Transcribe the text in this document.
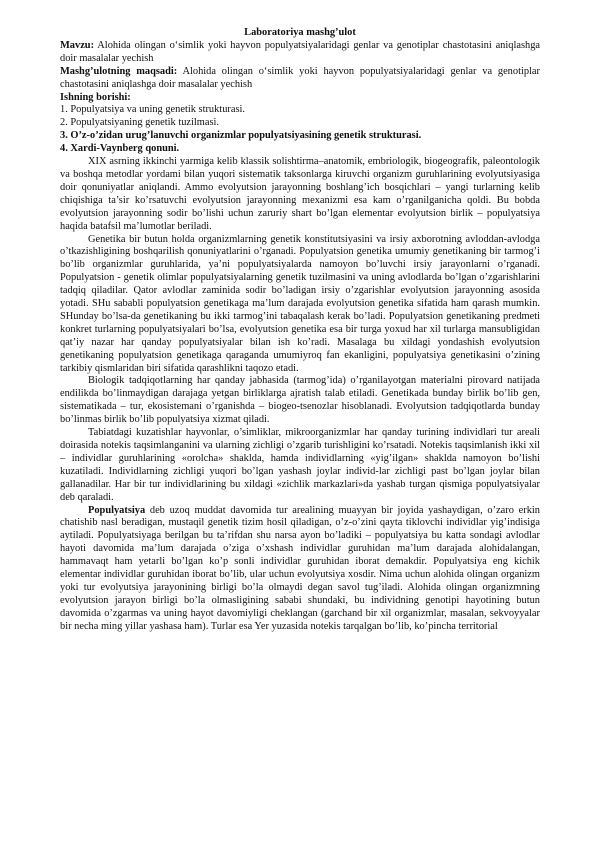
Laboratoriya mashg’ulot

Mavzu: Alohida olingan o‘simlik yoki hayvon populyatsiyalaridagi genlar va genotiplar chastotasini aniqlashga doir masalalar yechish

Mashg’ulotning maqsadi: Alohida olingan o‘simlik yoki hayvon populyatsiyalaridagi genlar va genotiplar chastotasini aniqlashga doir masalalar yechish

Ishning borishi:

1. Populyatsiya va uning genetik strukturasi.
2. Populyatsiyaning genetik tuzilmasi.
3. O’z-o’zidan urug’lanuvchi organizmlar populyatsiyasining genetik strukturasi.
4. Xardi-Vaynberg qonuni.

XIX asrning ikkinchi yarmiga kelib klassik solishtirma–anatomik, embriologik, biogeografik, paleontologik va boshqa metodlar yordami bilan yuqori sistematik taksonlarga kiruvchi organizm guruhlarining evolyutsiyasiga doir qonuniyatlar aniqlandi. Ammo evolyutsion jarayonning boshlang’ich bosqichlari – yangi turlarning kelib chiqishiga ta’sir ko’rsatuvchi evolyutsion jarayonning mexanizmi esa kam o’rganilganicha qoldi. Bu bobda evolyutsion jarayonning sodir bo’lishi uchun zaruriy shart bo’lgan elementar evolyutsion birlik – populyatsiya haqida batafsil ma’lumotlar beriladi.

Genetika bir butun holda organizmlarning genetik konstitutsiyasini va irsiy axborotning avloddan-avlodga o’tkazishligining boshqarilish qonuniyatlarini o’rganadi. Populyatsion genetika umumiy genetikaning bir tarmog’i bo’lib organizmlar guruhlarida, ya’ni populyatsiyalarda namoyon bo’luvchi irsiy jarayonlarni o’rganadi. Populyatsion - genetik olimlar populyatsiyalarning genetik tuzilmasini va uning avlodlarda bo’lgan o’zgarishlarini tadqiq qiladilar. Qator avlodlar zaminida sodir bo’ladigan irsiy o’zgarishlar evolyutsion jarayonning asosida yotadi. SHu sababli populyatsion genetikaga ma’lum darajada evolyutsion genetika sifatida ham qarash mumkin. SHunday bo’lsa-da genetikaning bu ikki tarmog’ini tabaqalash kerak bo’ladi. Populyatsion genetikaning predmeti konkret turlarning populyatsiyalari bo’lsa, evolyutsion genetika esa bir turga yoxud har xil turlarga mansubligidan qat’iy nazar har qanday populyatsiyalar bilan ish ko’radi. Masalaga bu xildagi yondashish evolyutsion genetikaning populyatsion genetikaga qaraganda umumiyroq fan ekanligini, populyatsiya genetikasini o’zining tarkibiy qismlaridan biri sifatida qarashlikni taqozo etadi.

Biologik tadqiqotlarning har qanday jabhasida (tarmog’ida) o’rganilayotgan materialni pirovard natijada endilikda bo’linmaydigan darajaga yetgan birliklarga ajratish talab etiladi. Genetikada bunday birlik bo’lib gen, sistematikada – tur, ekosistemani o’rganishda – biogeo-tsenozlar hisoblanadi. Evolyutsion tadqiqotlarda bunday bo’linmas birlik bo’lib populyatsiya xizmat qiladi.

Tabiatdagi kuzatishlar hayvonlar, o’simliklar, mikroorganizmlar har qanday turining individlari tur areali doirasida notekis taqsimlanganini va ularning zichligi o’zgarib turishligini ko’rsatadi. Notekis taqsimlanish ikki xil – individlar guruhlarining «orolcha» shaklda, hamda individlarning «yig’ilgan» shaklda namoyon bo’lishi kuzatiladi. Individlarning zichligi yuqori bo’lgan yashash joylar individ-lar zichligi past bo’lgan joylar bilan gallanadilar. Har bir tur individlarining bu xildagi «zichlik markazlari»da yashab turgan qismiga populyatsiyalar deb qaraladi.

Populyatsiya deb uzoq muddat davomida tur arealining muayyan bir joyida yashaydigan, o’zaro erkin chatishib nasl beradigan, mustaqil genetik tizim hosil qiladigan, o’z-o’zini qayta tiklovchi individlar yig’indisiga aytiladi. Populyatsiyaga berilgan bu ta’rifdan shu narsa ayon bo’ladiki – populyatsiya bu katta sondagi avlodlar hayoti davomida ma’lum darajada o’ziga o’xshash individlar guruhidan ma’lum darajada alohidalangan, hammavaqt ham yetarli bo’lgan ko’p sonli individlar guruhidan iborat demakdir. Populyatsiya eng kichik elementar individlar guruhidan iborat bo’lib, ular uchun evolyutsiya xosdir. Nima uchun alohida olingan organizm yoki tur evolyutsiya jarayonining birligi bo’la olmaydi degan savol tug’iladi. Alohida olingan organizmning evolyutsion jarayon birligi bo’la olmasligining sababi shundaki, bu individning genotipi hayotining butun davomida o’zgarmas va uning hayot davomiyligi cheklangan (garchand bir xil organizmlar, masalan, sekvoyyalar bir necha ming yillar yashasa ham). Turlar esa Yer yuzasida notekis tarqalgan bo’lib, ko’pincha territorial
